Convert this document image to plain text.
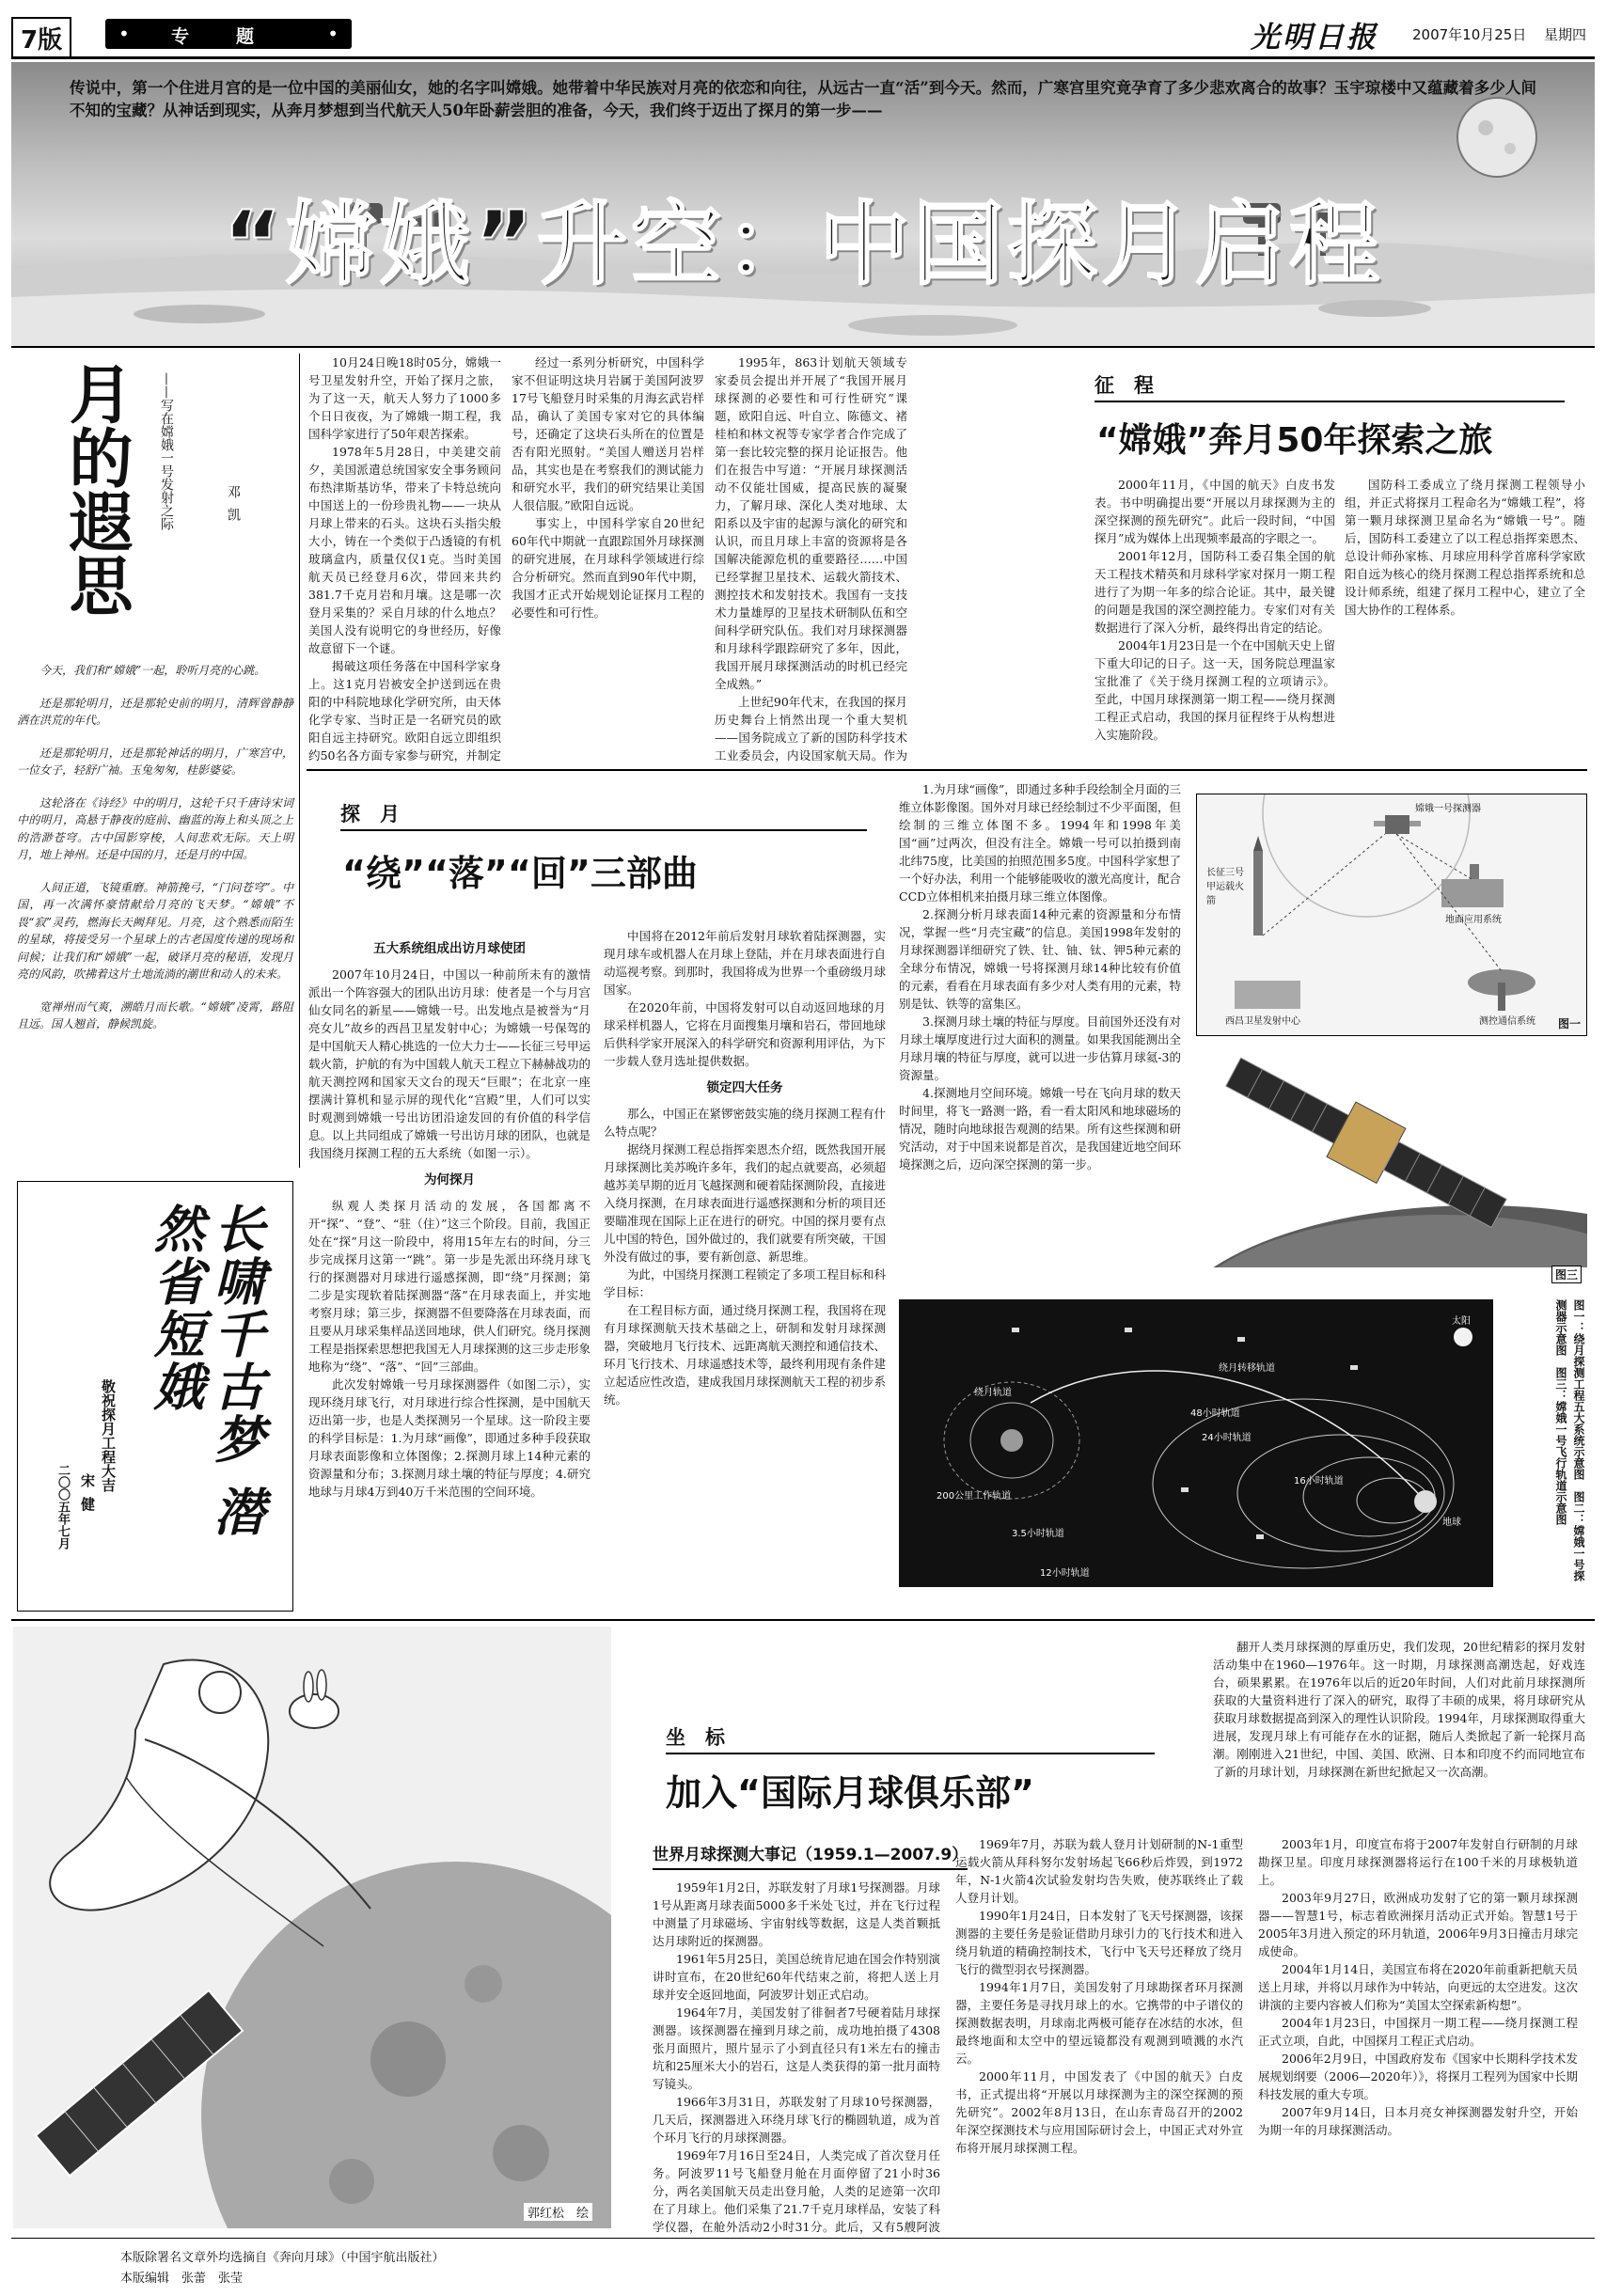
7版	• 专　　题	•	光明日报 2007年10月25日 星期四
传说中，第一个住进月宫的是一位中国的美丽仙女，她的名字叫嫦娥。她带着中华民族对月亮的依恋和向往，从远古一直“活”到今天。然而，广寒宫里究竟孕育了多少悲欢离合的故事？玉宇琼楼中又蕴藏着多少人间不知的宝藏？从神话到现实，从奔月梦想到当代航天人50年卧薪尝胆的准备，今天，我们终于迈出了探月的第一步——
“嫦娥”升空：中国探月启程
月的遐思 ——写在嫦娥一号发射之际	邓凯

今天，我们和“嫦娥”一起，聆听月亮的心跳。

还是那轮明月，还是那轮史前的明月，清辉曾静静洒在洪荒的年代。

还是那轮明月，还是那轮神话的明月，广寒宫中，一位女子，轻舒广袖。玉兔匆匆，桂影婆娑。

这轮洛在《诗经》中的明月，这轮千只千唐诗宋词中的明月，高悬于静夜的庭前、幽蓝的海上和头顶之上的浩渺苍穹。古中国影穿梭，人间悲欢无际。天上明月，地上神州。还是中国的月，还是月的中国。

人间正道，飞镜重磨。神箭挽弓，“门问苍穹”。中国，再一次满怀豪情献给月亮的飞天梦。“嫦娥”不畏“寂”灵药，燃海长天阙拜见。月亮，这个熟悉而陌生的星球，将接受另一个星球上的古老国度传递的现场和问候；让我们和“嫦娥”一起，破译月亮的秘语，发现月亮的风韵，吹拂着这片土地流淌的潮世和动人的未来。

宽禅州而气爽，溯皓月而长歌。“嫦娥”凌霄，路阻且远。国人翘首，静候凯旋。

长啸千古梦 潜然省短娥
敬祝探月工程大吉
宋健
二〇〇五年七月

10月24日晚18时05分，嫦娥一号卫星发射升空，开始了探月之旅，为了这一天，航天人努力了1000多个日日夜夜，为了嫦娥一期工程，我国科学家进行了50年艰苦探索。

1978年5月28日，中美建交前夕，美国派遣总统国家安全事务顾问布热津斯基访华，带来了卡特总统向中国送上的一份珍贵礼物——一块从月球上带来的石头。这块石头指尖般大小，铸在一个类似于凸透镜的有机玻璃盒内，质量仅仅1克。当时美国航天员已经登月6次，带回来共约381.7千克月岩和月壤。这是哪一次登月采集的？采自月球的什么地点？美国人没有说明它的身世经历，好像故意留下一个谜。

揭破这项任务落在中国科学家身上。这1克月岩被安全护送到远在贵阳的中科院地球化学研究所，由天体化学专家、当时正是一名研究员的欧阳自远主持研究。欧阳自远立即组织约50名各方面专家参与研究，并制定

经过一系列分析研究，中国科学家不但证明这块月岩属于美国阿波罗17号飞船登月时采集的月海玄武岩样品，确认了美国专家对它的具体编号，还确定了这块石头所在的位置是否有阳光照射。“美国人赠送月岩样品，其实也是在考察我们的测试能力和研究水平，我们的研究结果让美国人很信服。”欧阳自远说。

事实上，中国科学家自20世纪60年代中期就一直跟踪国外月球探测的研究进展，在月球科学领域进行综合分析研究。然而直到90年代中期，我国才正式开始规划论证探月工程的必要性和可行性。

1995年，863计划航天领域专家委员会提出并开展了“我国开展月球探测的必要性和可行性研究”课题，欧阳自远、叶自立、陈德文、褚桂柏和林文祝等专家学者合作完成了第一套比较完整的探月论证报告。他们在报告中写道：“开展月球探测活动不仅能壮国威，提高民族的凝聚力，了解月球、深化人类对地球、太阳系以及宇宙的起源与演化的研究和认识，而且月球上丰富的资源将是各国解决能源危机的重要路径……中国已经掌握卫星技术、运载火箭技术、测控技术和发射技术。我国有一支技术力量雄厚的卫星技术研制队伍和空间科学研究队伍。我们对月球探测器和月球科学跟踪研究了多年，因此，我国开展月球探测活动的时机已经完全成熟。”

上世纪90年代末，在我国的探月历史舞台上悄然出现一个重大契机——国务院成立了新的国防科学技术工业委员会，内设国家航天局。作为

征　程
“嫦娥”奔月50年探索之旅

2000年11月，《中国的航天》白皮书发表。书中明确提出要“开展以月球探测为主的深空探测的预先研究”。此后一段时间，“中国探月”成为媒体上出现频率最高的字眼之一。

2001年12月，国防科工委召集全国的航天工程技术精英和月球科学家对探月一期工程进行了为期一年多的综合论证。其中，最关键的问题是我国的深空测控能力。专家们对有关数据进行了深入分析，最终得出肯定的结论。

2004年1月23日是一个在中国航天史上留下重大印记的日子。这一天，国务院总理温家宝批准了《关于绕月探测工程的立项请示》。至此，中国月球探测第一期工程——绕月探测工程正式启动，我国的探月征程终于从构想进入实施阶段。

国防科工委成立了绕月探测工程领导小组，并正式将探月工程命名为“嫦娥工程”，将第一颗月球探测卫星命名为“嫦娥一号”。随后，国防科工委建立了以工程总指挥栾恩杰、总设计师孙家栋、月球应用科学首席科学家欧阳自远为核心的绕月探测工程总指挥系统和总设计师系统，组建了探月工程中心，建立了全国大协作的工程体系。

探　月
“绕”“落”“回”三部曲
五大系统组成出访月球使团

2007年10月24日，中国以一种前所未有的激情派出一个阵容强大的团队出访月球：使者是一个与月宫仙女同名的新星——嫦娥一号。出发地点是被誉为“月亮女儿”故乡的西昌卫星发射中心；为嫦娥一号保驾的是中国航天人精心挑选的一位大力士——长征三号甲运载火箭，护航的有为中国载人航天工程立下赫赫战功的航天测控网和国家天文台的现天“巨眼”；在北京一座摆满计算机和显示屏的现代化“宫殿”里，人们可以实时观测到嫦娥一号出访团沿途发回的有价值的科学信息。以上共同组成了嫦娥一号出访月球的团队，也就是我国绕月探测工程的五大系统（如图一示）。

为何探月

纵观人类探月活动的发展，各国都离不开“探”、“登”、“驻（住）”这三个阶段。目前，我国正处在“探”月这一阶段中，将用15年左右的时间，分三步完成探月这第一“跳”。第一步是先派出环绕月球飞行的探测器对月球进行遥感探测，即“绕”月探测；第二步是实现软着陆探测器“落”在月球表面上，并实地考察月球；第三步，探测器不但要降落在月球表面，而且要从月球采集样品送回地球，供人们研究。绕月探测工程是指探索思想把我国无人月球探测的这三步走形象地称为“绕”、“落”、“回”三部曲。

此次发射嫦娥一号月球探测器件（如图二示），实现环绕月球飞行，对月球进行综合性探测，是中国航天迈出第一步，也是人类探测另一个星球。这一阶段主要的科学目标是：1.为月球“画像”，即通过多种手段获取月球表面影像和立体图像；2.探测月球上14种元素的资源量和分布；3.探测月球土壤的特征与厚度；4.研究地球与月球4万到40万千米范围的空间环境。

中国将在2012年前后发射月球软着陆探测器，实现月球车或机器人在月球上登陆，并在月球表面进行自动巡视考察。到那时，我国将成为世界一个重磅级月球国家。

在2020年前，中国将发射可以自动返回地球的月球采样机器人，它将在月面搜集月壤和岩石，带回地球后供科学家开展深入的科学研究和资源利用评估，为下一步载人登月选址提供数据。

锁定四大任务

那么，中国正在紧锣密鼓实施的绕月探测工程有什么特点呢？

据绕月探测工程总指挥栾恩杰介绍，既然我国开展月球探测比美苏晚许多年，我们的起点就要高，必须超越苏美早期的近月飞越探测和硬着陆探测阶段，直接进入绕月探测，在月球表面进行遥感探测和分析的项目还要瞄准现在国际上正在进行的研究。中国的探月要有点儿中国的特色，国外做过的，我们就要有所突破，干国外没有做过的事，要有新创意、新思维。

为此，中国绕月探测工程锁定了多项工程目标和科学目标：

在工程目标方面，通过绕月探测工程，我国将在现有月球探测航天技术基础之上，研制和发射月球探测器，突破地月飞行技术、远距离航天测控和通信技术、环月飞行技术、月球遥感技术等，最终利用现有条件建立起适应性改造，建成我国月球探测航天工程的初步系统。

1.为月球“画像”，即通过多种手段绘制全月面的三维立体影像图。国外对月球已经绘制过不少平面图，但绘制的三维立体图不多。1994年和1998年美国“画”过两次，但没有注全。嫦娥一号可以拍摄到南北纬75度，比美国的拍照范围多5度。中国科学家想了一个好办法，利用一个能够能吸收的激光高度计，配合CCD立体相机来拍摄月球三维立体图像。

2.探测分析月球表面14种元素的资源量和分布情况，掌握一些“月壳宝藏”的信息。美国1998年发射的月球探测器详细研究了铁、钍、铀、钛、钾5种元素的全球分布情况，嫦娥一号将探测月球14种比较有价值的元素，看看在月球表面有多少对人类有用的元素，特别是钛、铁等的富集区。

3.探测月球土壤的特征与厚度。目前国外还没有对月球土壤厚度进行过大面积的测量。如果我国能测出全月球月壤的特征与厚度，就可以进一步估算月球氦-3的资源量。

4.探测地月空间环境。嫦娥一号在飞向月球的数天时间里，将飞一路测一路，看一看太阳风和地球磁场的情况，随时向地球报告观测的结果。所有这些探测和研究活动，对于中国来说都是首次，是我国建近地空间环境探测之后，迈向深空探测的第一步。

嫦娥一号探测器
长征三号甲运载火箭
地面应用系统
西昌卫星发射中心	测控通信系统 图一
图三
太阳
绕月转移轨道
绕月轨道
200公里工作轨道
3.5小时轨道
12小时轨道
24小时轨道
48小时轨道
16小时轨道
地球	图一：绕月探测工程五大系统示意图　图二：嫦娥一号探测器示意图　图三：嫦娥一号飞行轨道示意图
郭红松　绘
坐　标
加入“国际月球俱乐部”

翻开人类月球探测的厚重历史，我们发现，20世纪精彩的探月发射活动集中在1960—1976年。这一时期，月球探测高潮迭起，好戏连台，硕果累累。在1976年以后的近20年时间，人们对此前月球探测所获取的大量资料进行了深入的研究，取得了丰硕的成果，将月球研究从获取月球数据提高到深入的理性认识阶段。1994年，月球探测取得重大进展，发现月球上有可能存在水的证据，随后人类掀起了新一轮探月高潮。刚刚进入21世纪，中国、美国、欧洲、日本和印度不约而同地宣布了新的月球计划，月球探测在新世纪掀起又一次高潮。

世界月球探测大事记（1959.1—2007.9）

1959年1月2日，苏联发射了月球1号探测器。月球1号从距离月球表面5000多千米处飞过，并在飞行过程中测量了月球磁场、宇宙射线等数据，这是人类首颗抵达月球附近的探测器。

1961年5月25日，美国总统肯尼迪在国会作特别演讲时宣布，在20世纪60年代结束之前，将把人送上月球并安全返回地面，阿波罗计划正式启动。

1964年7月，美国发射了徘徊者7号硬着陆月球探测器。该探测器在撞到月球之前，成功地拍摄了4308张月面照片，照片显示了小到直径只有1米左右的撞击坑和25厘米大小的岩石，这是人类获得的第一批月面特写镜头。

1966年3月31日，苏联发射了月球10号探测器，几天后，探测器进入环绕月球飞行的椭圆轨道，成为首个环月飞行的月球探测器。

1969年7月16日至24日，人类完成了首次登月任务。阿波罗11号飞船登月舱在月面停留了21小时36分，两名美国航天员走出登月舱，人类的足迹第一次印在了月球上。他们采集了21.7千克月球样品，安装了科学仪器，在舱外活动2小时31分。此后，又有5艘阿波

1969年7月，苏联为载人登月计划研制的N-1重型运载火箭从拜科努尔发射场起飞66秒后炸毁，到1972年，N-1火箭4次试验发射均告失败，使苏联终止了载人登月计划。

1990年1月24日，日本发射了飞天号探测器，该探测器的主要任务是验证借助月球引力的飞行技术和进入绕月轨道的精确控制技术，飞行中飞天号还释放了绕月飞行的微型羽衣号探测器。

1994年1月7日，美国发射了月球勘探者环月探测器，主要任务是寻找月球上的水。它携带的中子谱仪的探测数据表明，月球南北两极可能存在冰结的水冰，但最终地面和太空中的望远镜都没有观测到喷溅的水汽云。

2000年11月，中国发表了《中国的航天》白皮书，正式提出将“开展以月球探测为主的深空探测的预先研究”。2002年8月13日，在山东青岛召开的2002年深空探测技术与应用国际研讨会上，中国正式对外宣布将开展月球探测工程。

2003年1月，印度宣布将于2007年发射自行研制的月球勘探卫星。印度月球探测器将运行在100千米的月球极轨道上。

2003年9月27日，欧洲成功发射了它的第一颗月球探测器——智慧1号，标志着欧洲探月活动正式开始。智慧1号于2005年3月进入预定的环月轨道，2006年9月3日撞击月球完成使命。

2004年1月14日，美国宣布将在2020年前重新把航天员送上月球，并将以月球作为中转站，向更远的太空进发。这次讲演的主要内容被人们称为“美国太空探索新构想”。

2004年1月23日，中国探月一期工程——绕月探测工程正式立项，自此，中国探月工程正式启动。

2006年2月9日，中国政府发布《国家中长期科学技术发展规划纲要（2006—2020年）》，将探月工程列为国家中长期科技发展的重大专项。

2007年9月14日，日本月亮女神探测器发射升空，开始为期一年的月球探测活动。

本版除署名文章外均选摘自《奔向月球》（中国宇航出版社）
本版编辑　张蕾　张莹
